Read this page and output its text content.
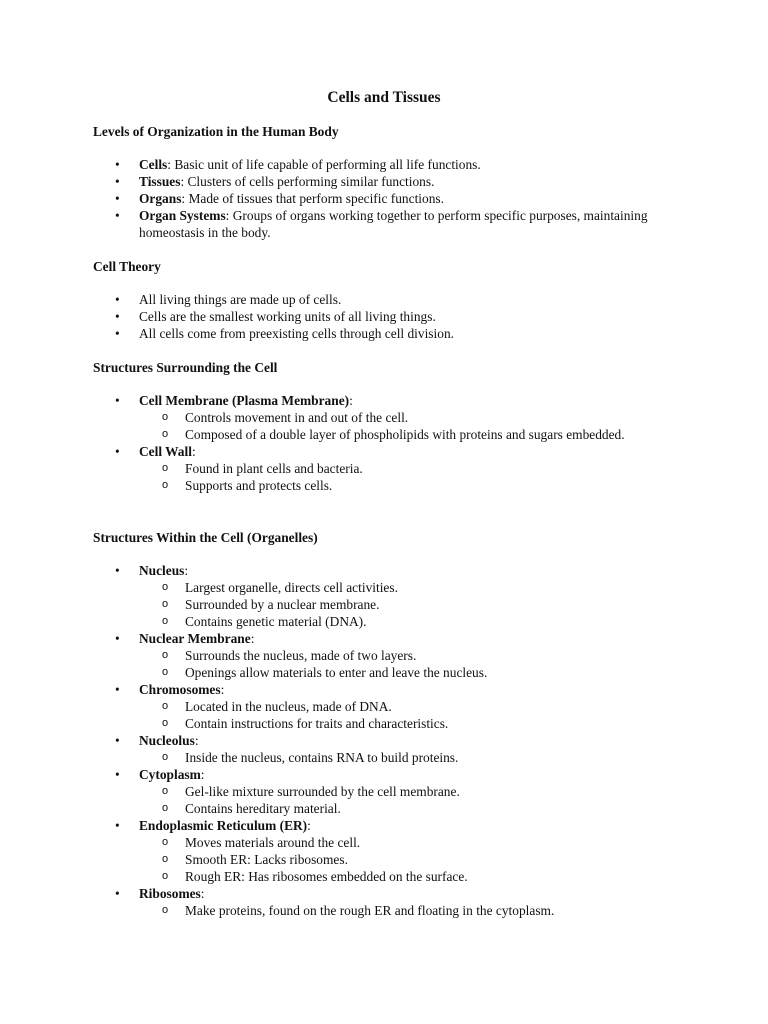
Cells and Tissues
Levels of Organization in the Human Body
• Cells: Basic unit of life capable of performing all life functions.
• Tissues: Clusters of cells performing similar functions.
• Organs: Made of tissues that perform specific functions.
• Organ Systems: Groups of organs working together to perform specific purposes, maintaining homeostasis in the body.
Cell Theory
• All living things are made up of cells.
• Cells are the smallest working units of all living things.
• All cells come from preexisting cells through cell division.
Structures Surrounding the Cell
• Cell Membrane (Plasma Membrane):
o Controls movement in and out of the cell.
o Composed of a double layer of phospholipids with proteins and sugars embedded.
• Cell Wall:
o Found in plant cells and bacteria.
o Supports and protects cells.
Structures Within the Cell (Organelles)
• Nucleus:
o Largest organelle, directs cell activities.
o Surrounded by a nuclear membrane.
o Contains genetic material (DNA).
• Nuclear Membrane:
o Surrounds the nucleus, made of two layers.
o Openings allow materials to enter and leave the nucleus.
• Chromosomes:
o Located in the nucleus, made of DNA.
o Contain instructions for traits and characteristics.
• Nucleolus:
o Inside the nucleus, contains RNA to build proteins.
• Cytoplasm:
o Gel-like mixture surrounded by the cell membrane.
o Contains hereditary material.
• Endoplasmic Reticulum (ER):
o Moves materials around the cell.
o Smooth ER: Lacks ribosomes.
o Rough ER: Has ribosomes embedded on the surface.
• Ribosomes:
o Make proteins, found on the rough ER and floating in the cytoplasm.
